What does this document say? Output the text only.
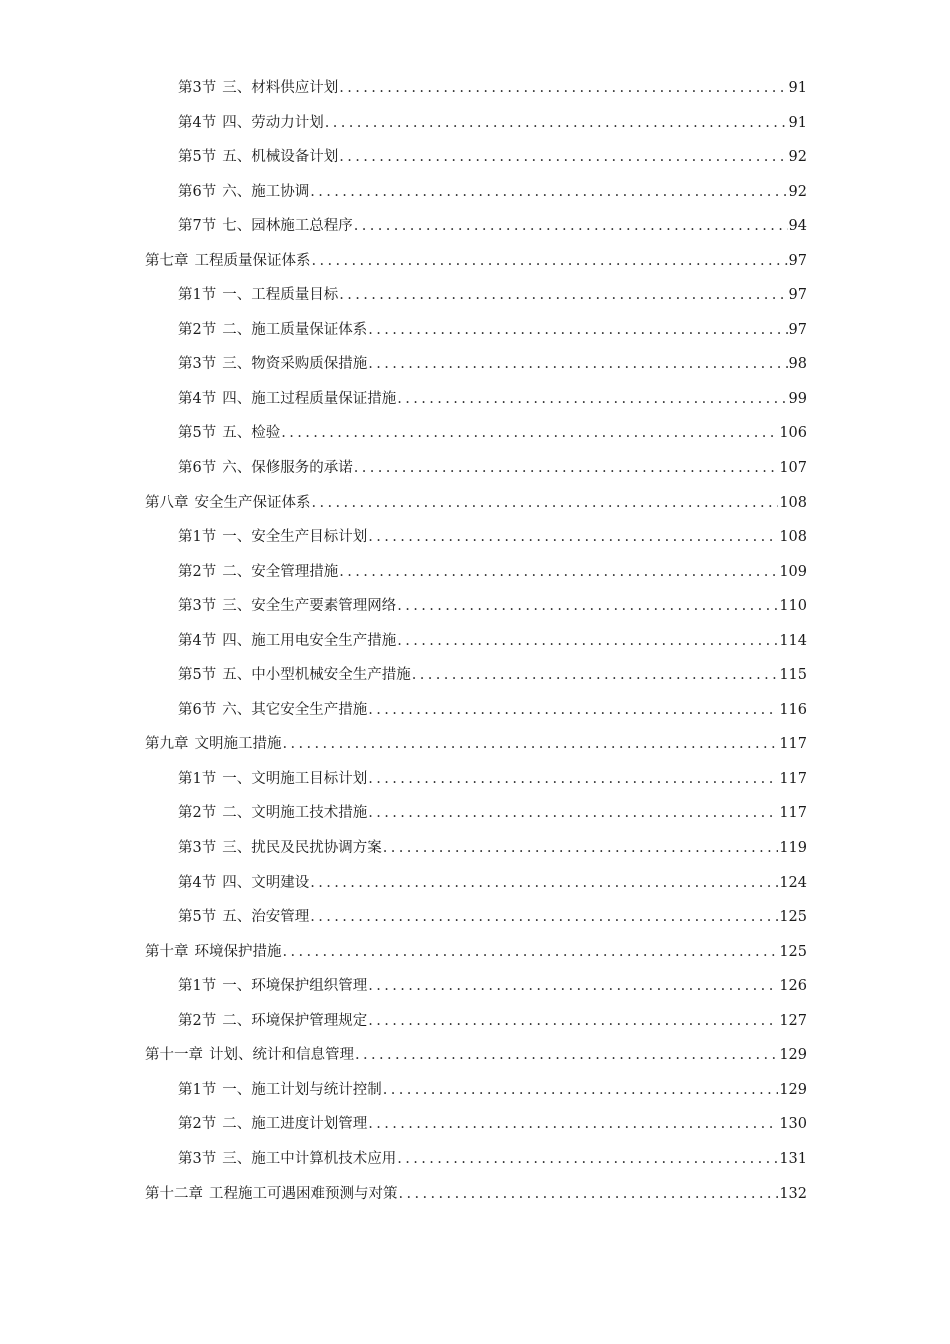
第3节 三、材料供应计划 .....	91
第4节 四、劳动力计划 .....	91
第5节 五、机械设备计划 .....	92
第6节 六、施工协调 .....	92
第7节 七、园林施工总程序 .....	94
第七章 工程质量保证体系 .....	97
第1节 一、工程质量目标 .....	97
第2节 二、施工质量保证体系 .....	97
第3节 三、物资采购质保措施 .....	98
第4节 四、施工过程质量保证措施 .....	99
第5节 五、检验 .....	106
第6节 六、保修服务的承诺 .....	107
第八章 安全生产保证体系 .....	108
第1节 一、安全生产目标计划 .....	108
第2节 二、安全管理措施 .....	109
第3节 三、安全生产要素管理网络 .....	110
第4节 四、施工用电安全生产措施 .....	114
第5节 五、中小型机械安全生产措施 .....	115
第6节 六、其它安全生产措施 .....	116
第九章 文明施工措施 .....	117
第1节 一、文明施工目标计划 .....	117
第2节 二、文明施工技术措施 .....	117
第3节 三、扰民及民扰协调方案 .....	119
第4节 四、文明建设 .....	124
第5节 五、治安管理 .....	125
第十章 环境保护措施 .....	125
第1节 一、环境保护组织管理 .....	126
第2节 二、环境保护管理规定 .....	127
第十一章 计划、统计和信息管理 .....	129
第1节 一、施工计划与统计控制 .....	129
第2节 二、施工进度计划管理 .....	130
第3节 三、施工中计算机技术应用 .....	131
第十二章 工程施工可遇困难预测与对策 .....	132
